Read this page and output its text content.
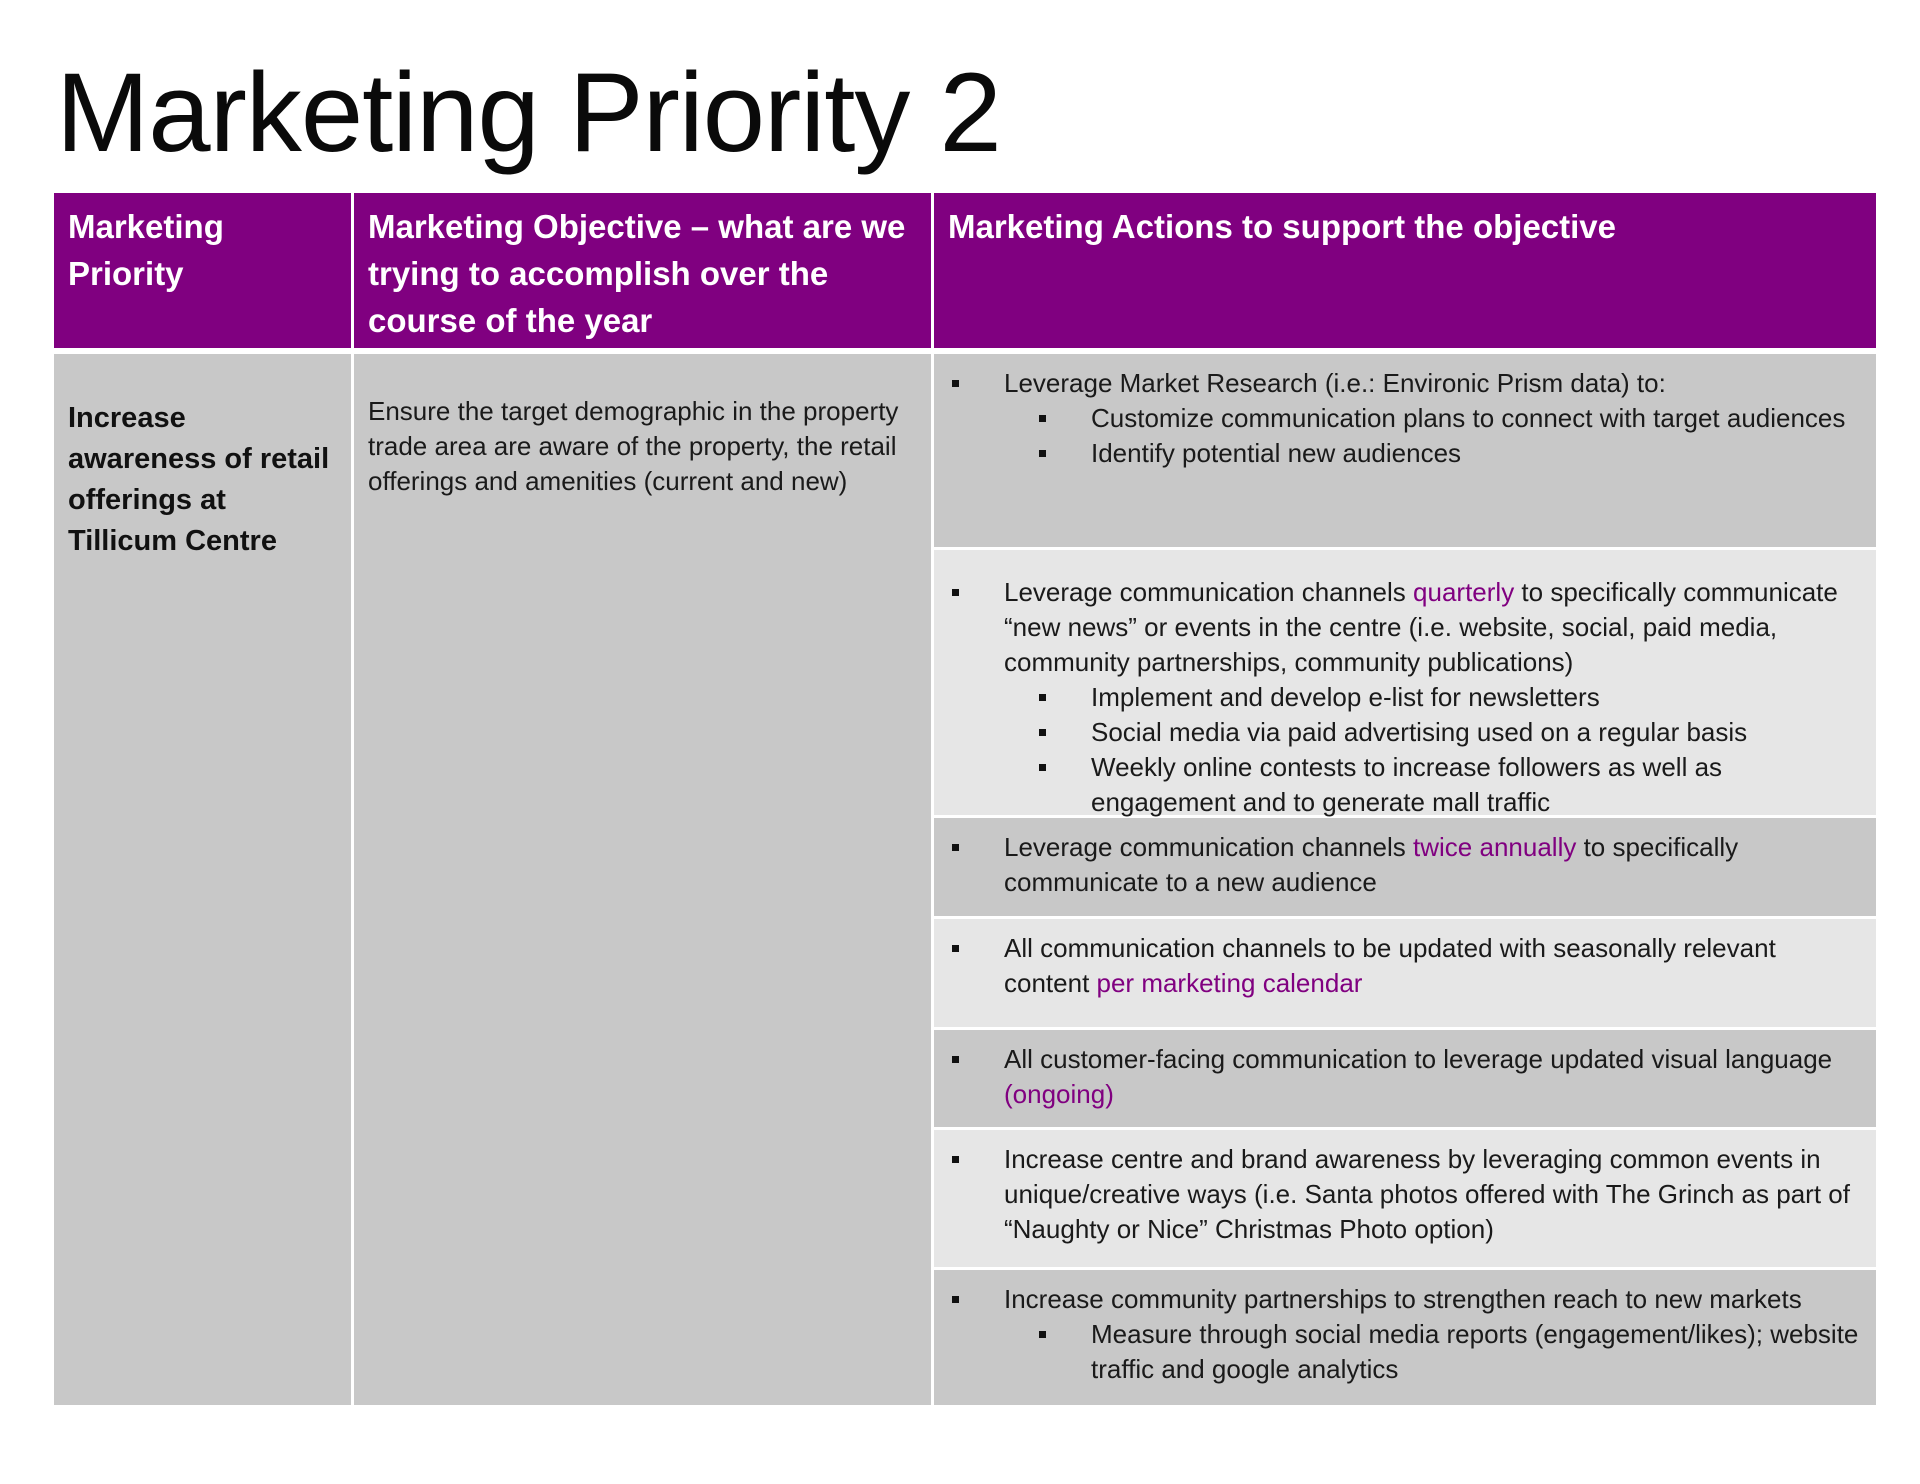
Marketing Priority 2
Marketing Priority
Marketing Objective – what are we trying to accomplish over the course of the year
Marketing Actions to support the objective
Increase awareness of retail offerings at Tillicum Centre
Ensure the target demographic in the property trade area are aware of the property, the retail offerings and amenities (current and new)
Leverage Market Research (i.e.: Environic Prism data) to:
Customize communication plans to connect with target audiences
Identify potential new audiences
Leverage communication channels quarterly to specifically communicate “new news” or events in the centre (i.e. website, social, paid media, community partnerships, community publications)
Implement and develop e-list for newsletters
Social media via paid advertising used on a regular basis
Weekly online contests to increase followers as well as engagement and to generate mall traffic
Leverage communication channels twice annually to specifically communicate to a new audience
All communication channels to be updated with seasonally relevant content per marketing calendar
All customer-facing communication to leverage updated visual language (ongoing)
Increase centre and brand awareness by leveraging common events in unique/creative ways (i.e. Santa photos offered with The Grinch as part of “Naughty or Nice” Christmas Photo option)
Increase community partnerships to strengthen reach to new markets
Measure through social media reports (engagement/likes); website traffic and google analytics
